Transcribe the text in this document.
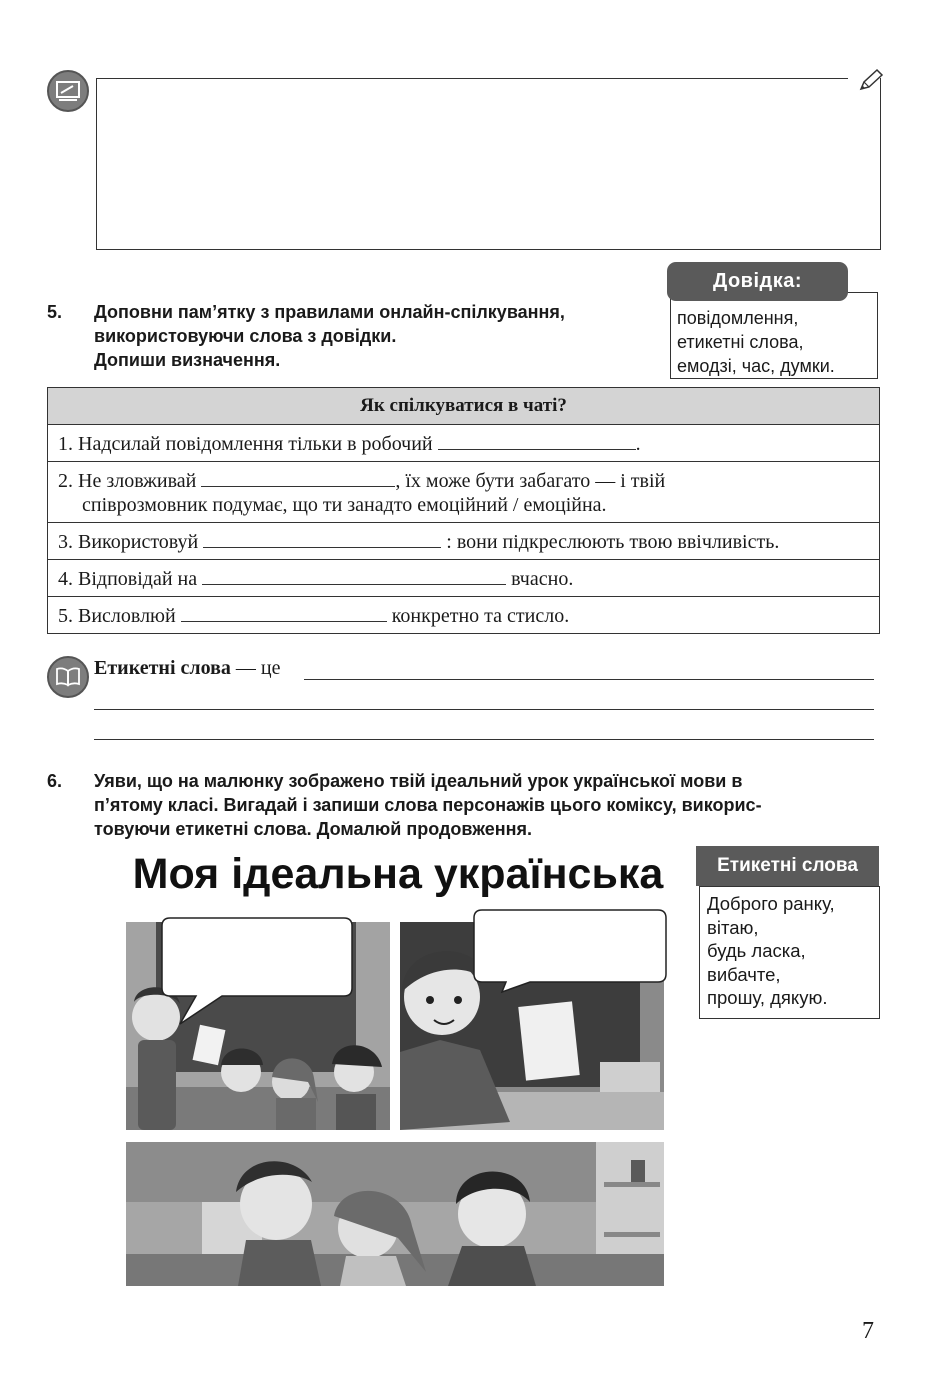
5. Доповни пам’ятку з правилами онлайн-спілкування,
використовуючи слова з довідки.
Допиши визначення.
повідомлення,
етикетні слова,
емодзі, час, думки.
Довідка:
Як спілкуватися в чаті?
1. Надсилай повідомлення тільки в робочий	.
2. Не зловживай	, їх може бути забагато — і твій
співрозмовник подумає, що ти занадто емоційний / емоційна.
3. Використовуй	: вони підкреслюють твою ввічливість.
4. Відповідай на	вчасно.
5. Висловлюй	конкретно та стисло.
Етикетні слова — це
6. Уяви, що на малюнку зображено твій ідеальний урок української мови в
п’ятому класі. Вигадай і запиши слова персонажів цього коміксу, викорис-
товуючи етикетні слова. Домалюй продовження.
Моя ідеальна українська	Етикетні слова
Доброго ранку,
вітаю,
будь ласка,
вибачте,
прошу, дякую.
7
